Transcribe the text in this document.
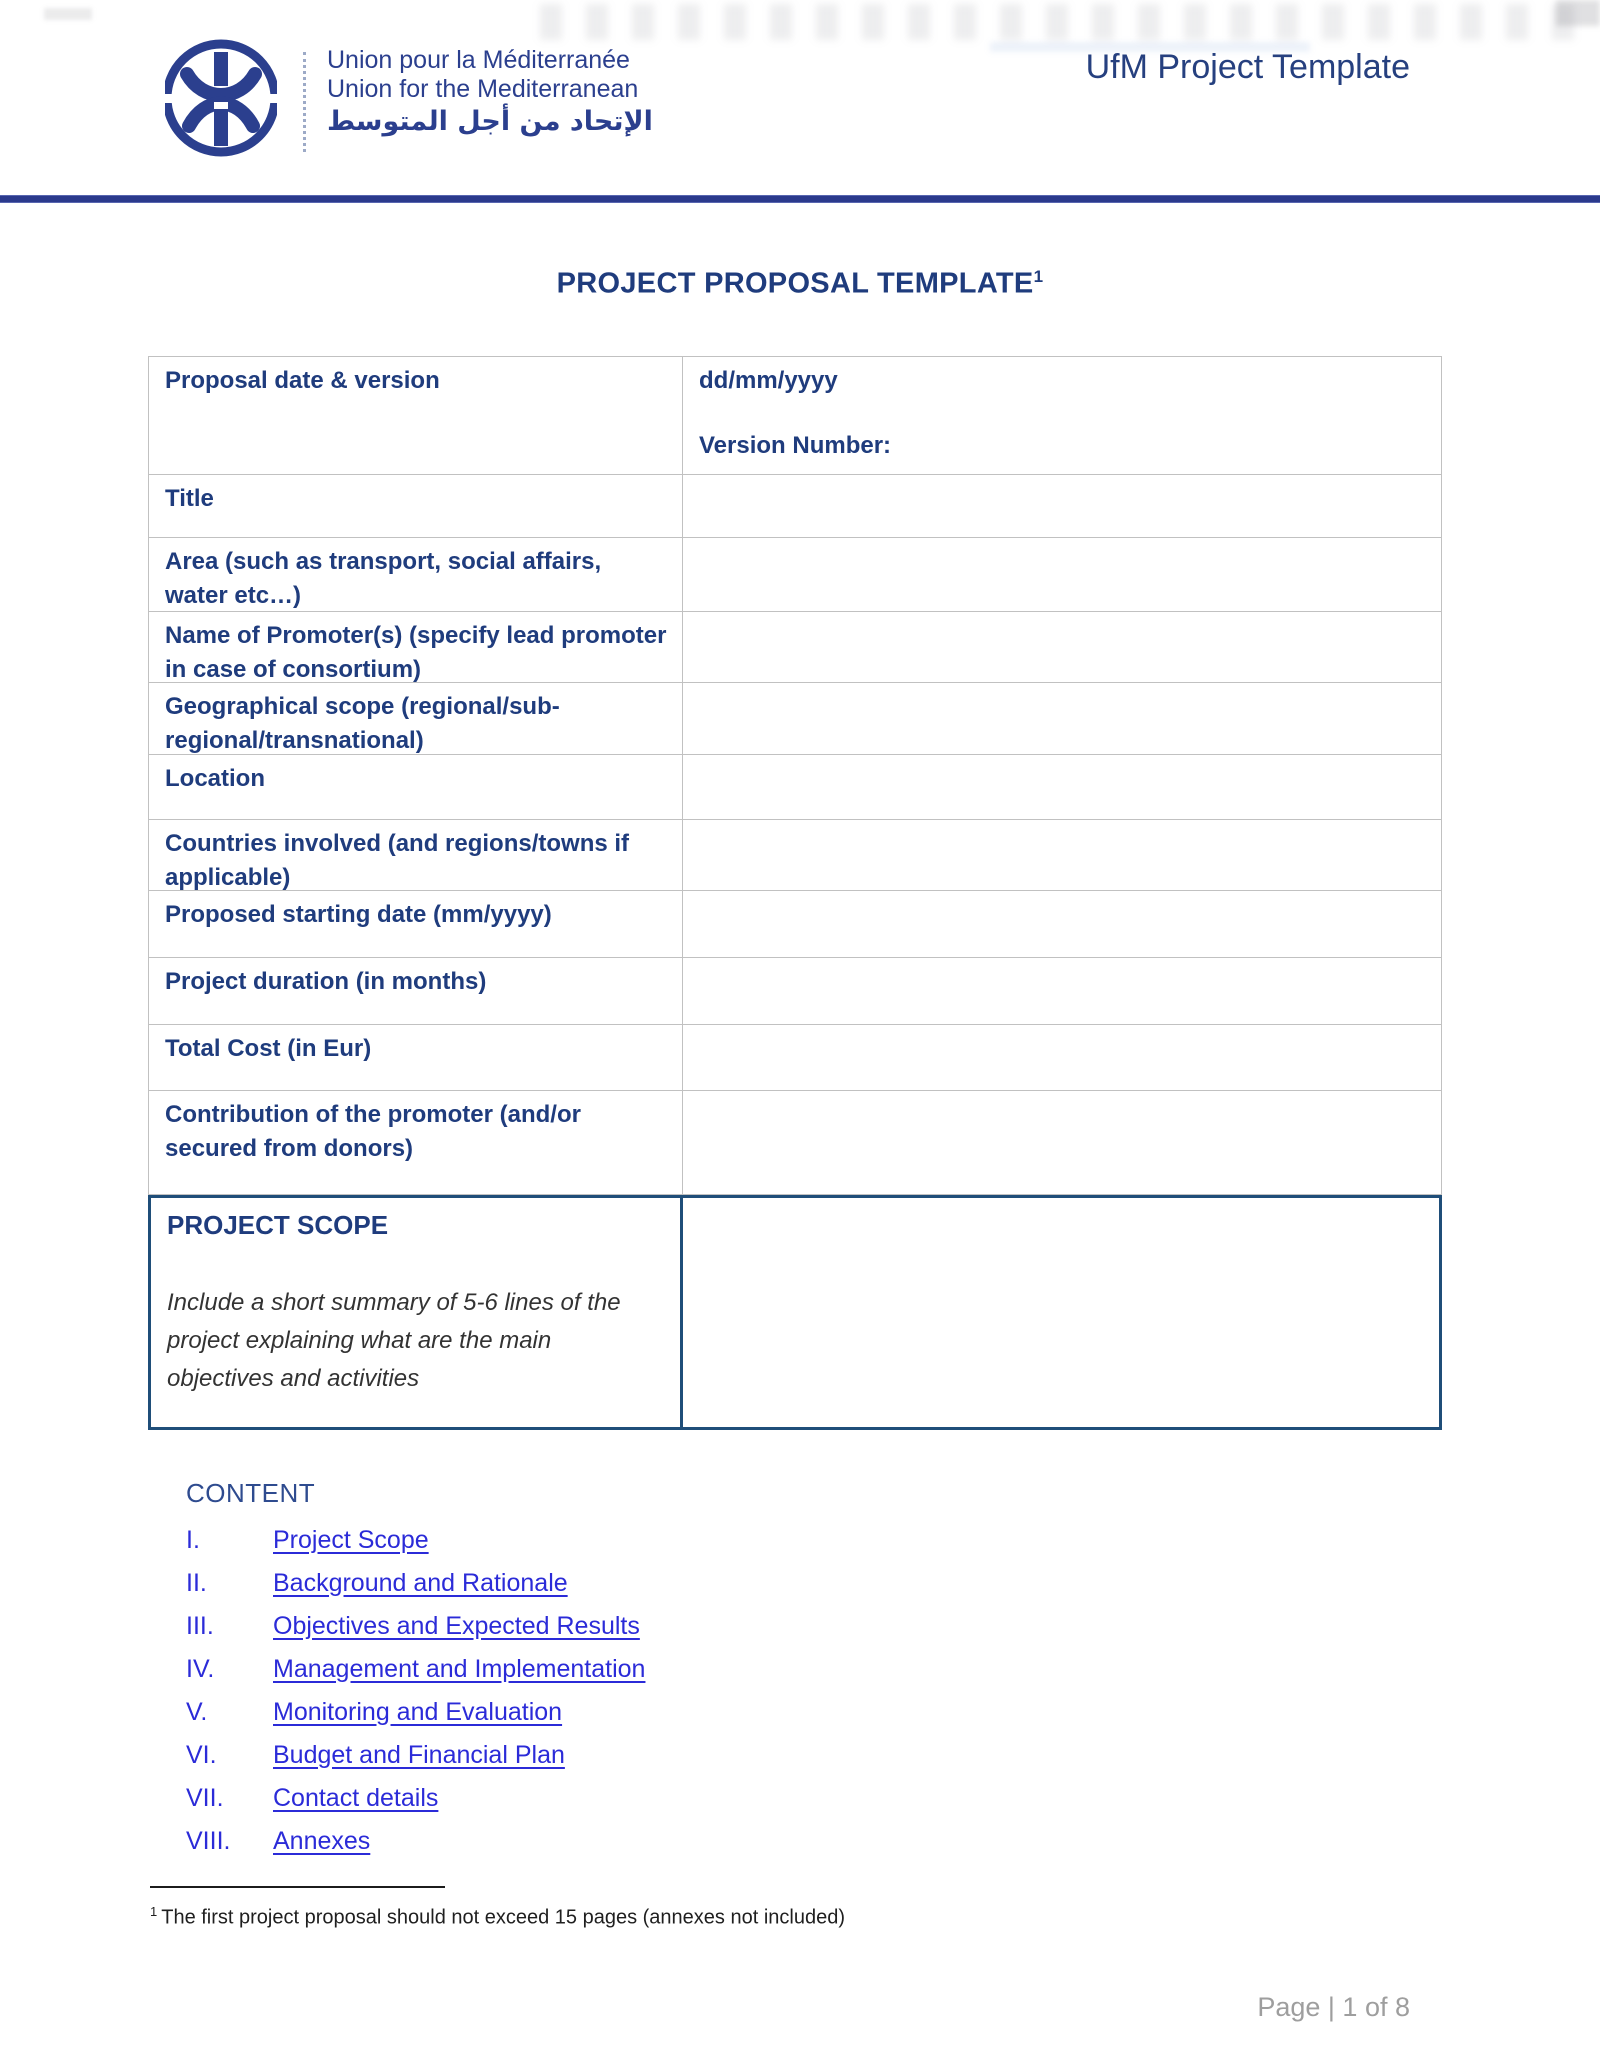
Union pour la Méditerranée
Union for the Mediterranean
الإتحاد من أجل المتوسط
UfM Project Template
PROJECT PROPOSAL TEMPLATE$^1$
Proposal date & version	dd/mm/yyyy
Version Number:
Title
Area (such as transport, social affairs, water etc…)
Name of Promoter(s) (specify lead promoter in case of consortium)
Geographical scope (regional/sub-regional/transnational)
Location
Countries involved (and regions/towns if applicable)
Proposed starting date (mm/yyyy)
Project duration (in months)
Total Cost (in Eur)
Contribution of the promoter (and/or secured from donors)
PROJECT SCOPE
Include a short summary of 5-6 lines of the project explaining what are the main objectives and activities
CONTENT
I.	Project Scope
II.	Background and Rationale
III.	Objectives and Expected Results
IV.	Management and Implementation
V.	Monitoring and Evaluation
VI.	Budget and Financial Plan
VII.	Contact details
VIII.	Annexes
$^1$ The first project proposal should not exceed 15 pages (annexes not included)
Page | 1 of 8
